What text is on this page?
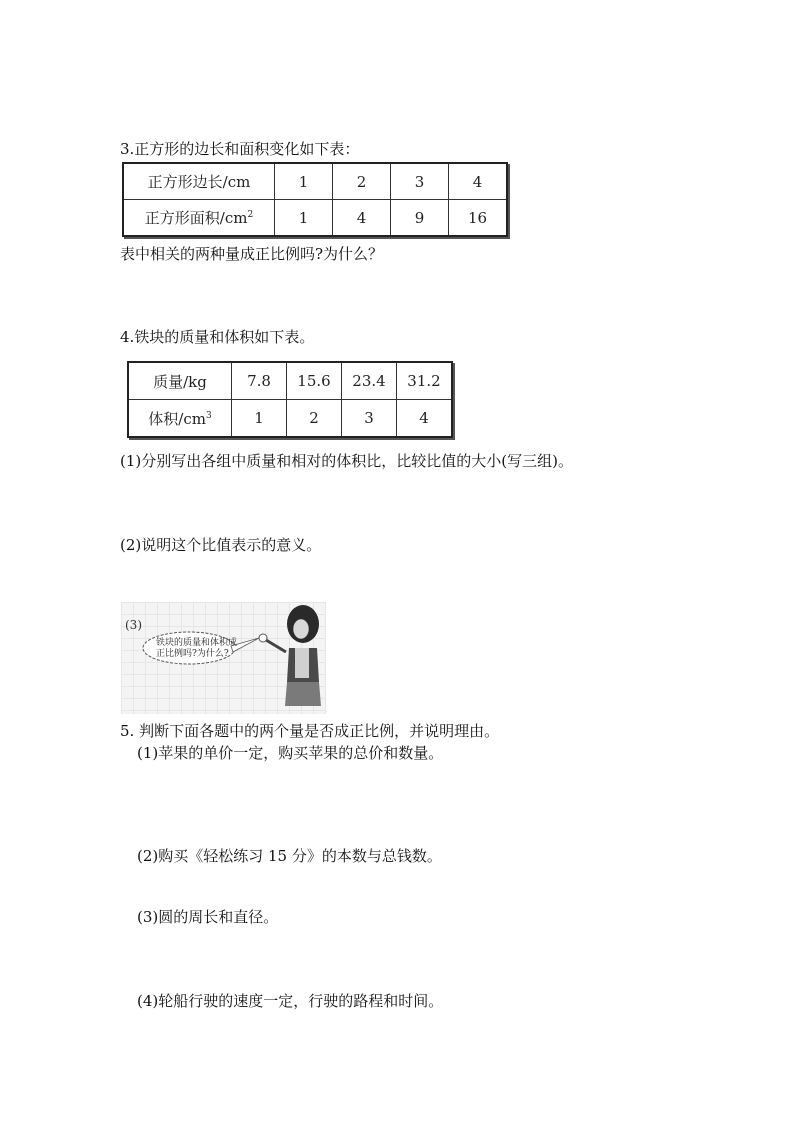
3.正方形的边长和面积变化如下表：
正方形边长/cm	1	2	3	4
正方形面积$/cm^2$	1	4	9	16
表中相关的两种量成正比例吗?为什么？
4.铁块的质量和体积如下表。
质量/kg	7.8	15.6	23.4	31.2
体积$/cm^3$	1	2	3	4
(1)分别写出各组中质量和相对的体积比，比较比值的大小(写三组)。
(2)说明这个比值表示的意义。
(3)
铁块的质量和体积成
正比例吗?为什么?
5. 判断下面各题中的两个量是否成正比例，并说明理由。
(1)苹果的单价一定，购买苹果的总价和数量。
(2)购买《轻松练习 15 分》的本数与总钱数。
(3)圆的周长和直径。
(4)轮船行驶的速度一定，行驶的路程和时间。
